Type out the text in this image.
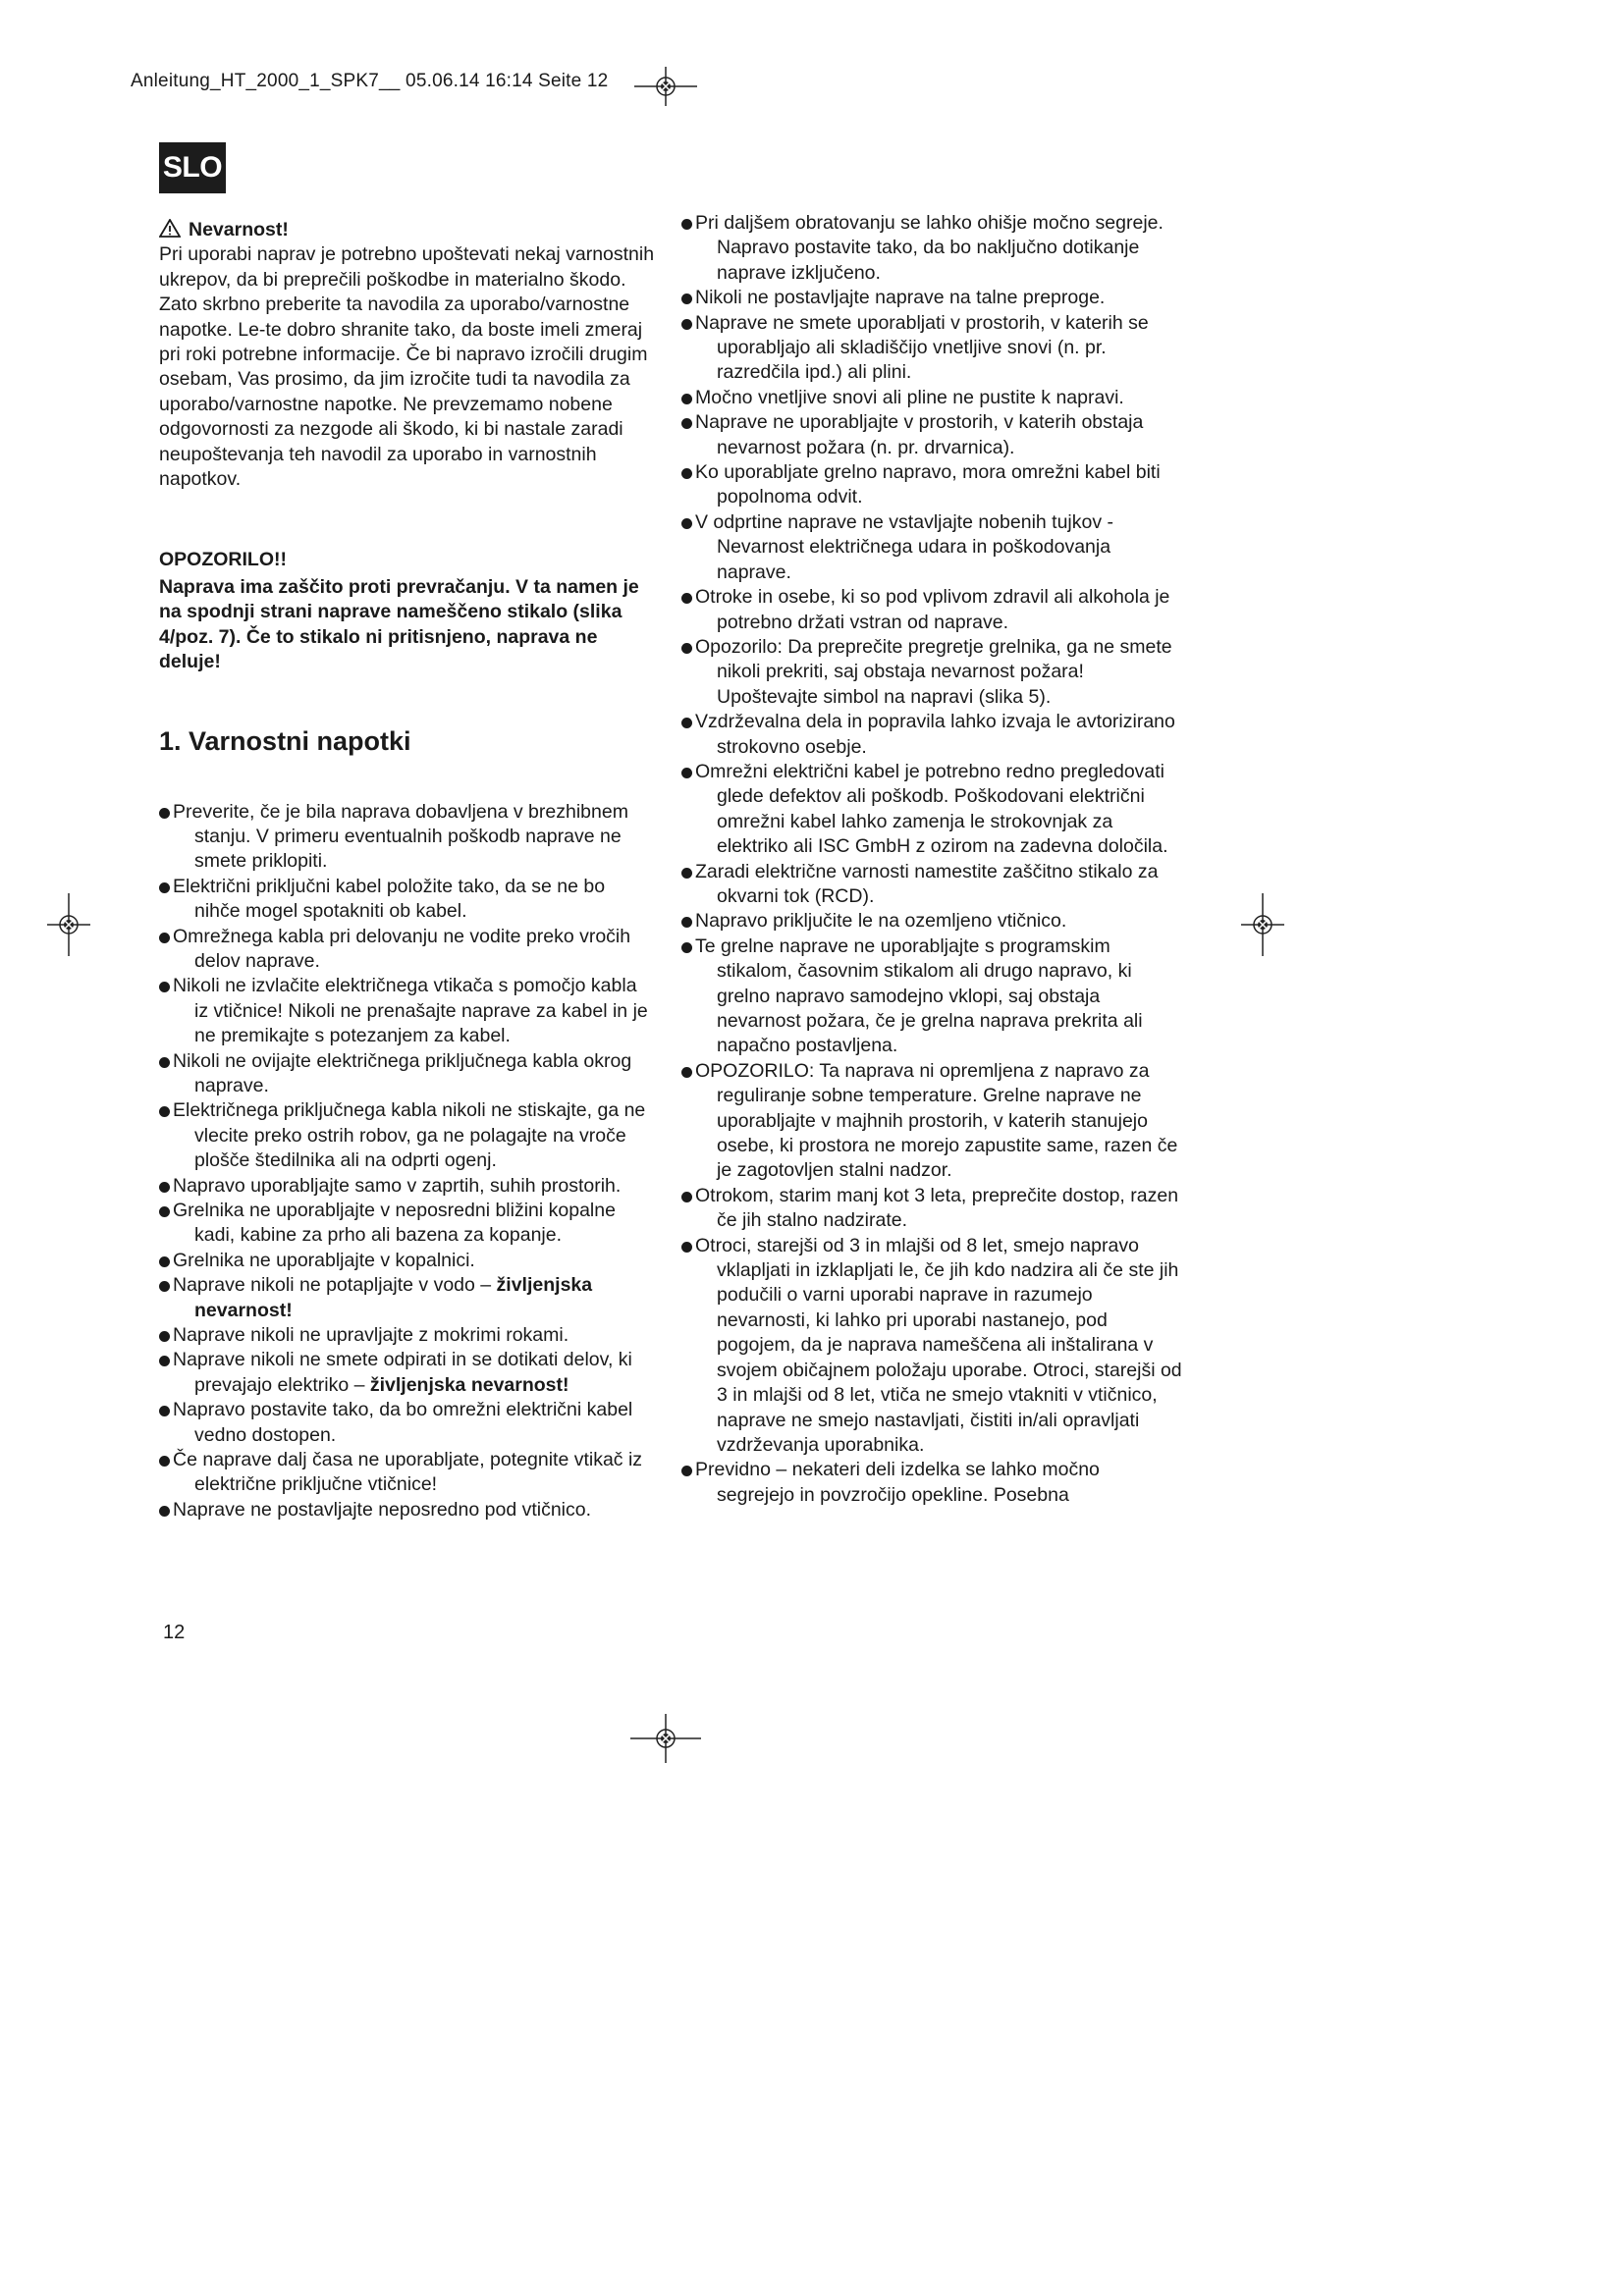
Anleitung_HT_2000_1_SPK7__ 05.06.14 16:14 Seite 12
SLO

Nevarnost!

Pri uporabi naprav je potrebno upoštevati nekaj varnostnih ukrepov, da bi preprečili poškodbe in materialno škodo. Zato skrbno preberite ta navodila za uporabo/varnostne napotke. Le-te dobro shranite tako, da boste imeli zmeraj pri roki potrebne informacije. Če bi napravo izročili drugim osebam, Vas prosimo, da jim izročite tudi ta navodila za uporabo/varnostne napotke. Ne prevzemamo nobene odgovornosti za nezgode ali škodo, ki bi nastale zaradi neupoštevanja teh navodil za uporabo in varnostnih napotkov.

OPOZORILO!!

Naprava ima zaščito proti prevračanju. V ta namen je na spodnji strani naprave nameščeno stikalo (slika 4/poz. 7). Če to stikalo ni pritisnjeno, naprava ne deluje!

1. Varnostni napotki
Preverite, če je bila naprava dobavljena v brezhibnem stanju. V primeru eventualnih poškodb naprave ne smete priklopiti.
Električni priključni kabel položite tako, da se ne bo nihče mogel spotakniti ob kabel.
Omrežnega kabla pri delovanju ne vodite preko vročih delov naprave.
Nikoli ne izvlačite električnega vtikača s pomočjo kabla iz vtičnice! Nikoli ne prenašajte naprave za kabel in je ne premikajte s potezanjem za kabel.
Nikoli ne ovijajte električnega priključnega kabla okrog naprave.
Električnega priključnega kabla nikoli ne stiskajte, ga ne vlecite preko ostrih robov, ga ne polagajte na vroče plošče štedilnika ali na odprti ogenj.
Napravo uporabljajte samo v zaprtih, suhih prostorih.
Grelnika ne uporabljajte v neposredni bližini kopalne kadi, kabine za prho ali bazena za kopanje.
Grelnika ne uporabljajte v kopalnici.
Naprave nikoli ne potapljajte v vodo – življenjska nevarnost!
Naprave nikoli ne upravljajte z mokrimi rokami.
Naprave nikoli ne smete odpirati in se dotikati delov, ki prevajajo elektriko – življenjska nevarnost!
Napravo postavite tako, da bo omrežni električni kabel vedno dostopen.
Če naprave dalj časa ne uporabljate, potegnite vtikač iz električne priključne vtičnice!
Naprave ne postavljajte neposredno pod vtičnico.
Pri daljšem obratovanju se lahko ohišje močno segreje. Napravo postavite tako, da bo naključno dotikanje naprave izključeno.
Nikoli ne postavljajte naprave na talne preproge.
Naprave ne smete uporabljati v prostorih, v katerih se uporabljajo ali skladiščijo vnetljive snovi (n. pr. razredčila ipd.) ali plini.
Močno vnetljive snovi ali pline ne pustite k napravi.
Naprave ne uporabljajte v prostorih, v katerih obstaja nevarnost požara (n. pr. drvarnica).
Ko uporabljate grelno napravo, mora omrežni kabel biti popolnoma odvit.
V odprtine naprave ne vstavljajte nobenih tujkov - Nevarnost električnega udara in poškodovanja naprave.
Otroke in osebe, ki so pod vplivom zdravil ali alkohola je potrebno držati vstran od naprave.
Opozorilo: Da preprečite pregretje grelnika, ga ne smete nikoli prekriti, saj obstaja nevarnost požara! Upoštevajte simbol na napravi (slika 5).
Vzdrževalna dela in popravila lahko izvaja le avtorizirano strokovno osebje.
Omrežni električni kabel je potrebno redno pregledovati glede defektov ali poškodb. Poškodovani električni omrežni kabel lahko zamenja le strokovnjak za elektriko ali ISC GmbH z ozirom na zadevna določila.
Zaradi električne varnosti namestite zaščitno stikalo za okvarni tok (RCD).
Napravo priključite le na ozemljeno vtičnico.
Te grelne naprave ne uporabljajte s programskim stikalom, časovnim stikalom ali drugo napravo, ki grelno napravo samodejno vklopi, saj obstaja nevarnost požara, če je grelna naprava prekrita ali napačno postavljena.
OPOZORILO: Ta naprava ni opremljena z napravo za reguliranje sobne temperature. Grelne naprave ne uporabljajte v majhnih prostorih, v katerih stanujejo osebe, ki prostora ne morejo zapustite same, razen če je zagotovljen stalni nadzor.
Otrokom, starim manj kot 3 leta, preprečite dostop, razen če jih stalno nadzirate.
Otroci, starejši od 3 in mlajši od 8 let, smejo napravo vklapljati in izklapljati le, če jih kdo nadzira ali če ste jih podučili o varni uporabi naprave in razumejo nevarnosti, ki lahko pri uporabi nastanejo, pod pogojem, da je naprava nameščena ali inštalirana v svojem običajnem položaju uporabe. Otroci, starejši od 3 in mlajši od 8 let, vtiča ne smejo vtakniti v vtičnico, naprave ne smejo nastavljati, čistiti in/ali opravljati vzdrževanja uporabnika.
Previdno – nekateri deli izdelka se lahko močno segrejejo in povzročijo opekline. Posebna
12
